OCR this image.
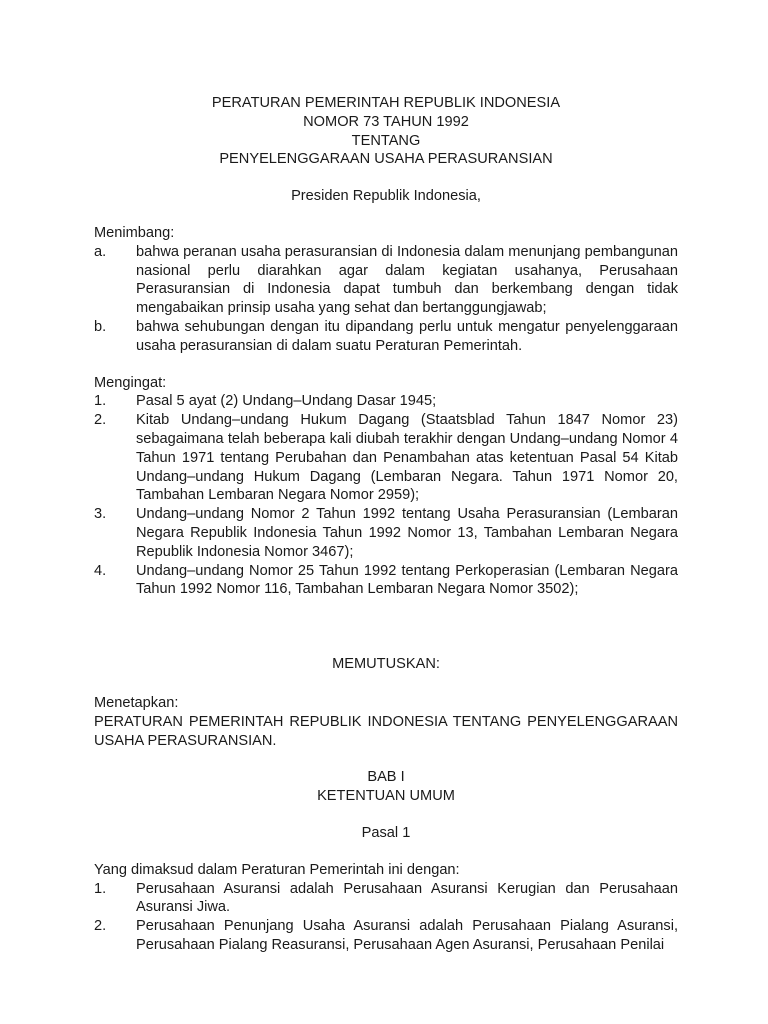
PERATURAN PEMERINTAH REPUBLIK INDONESIA
NOMOR 73 TAHUN 1992
TENTANG
PENYELENGGARAAN USAHA PERASURANSIAN
Presiden Republik Indonesia,
Menimbang:
a.	bahwa peranan usaha perasuransian di Indonesia dalam menunjang pembangunan nasional perlu diarahkan agar dalam kegiatan usahanya, Perusahaan Perasuransian di Indonesia dapat tumbuh dan berkembang dengan tidak mengabaikan prinsip usaha yang sehat dan bertanggungjawab;
b.	bahwa sehubungan dengan itu dipandang perlu untuk mengatur penyelenggaraan usaha perasuransian di dalam suatu Peraturan Pemerintah.
Mengingat:
1.	Pasal 5 ayat (2) Undang–Undang Dasar 1945;
2.	Kitab Undang–undang Hukum Dagang (Staatsblad Tahun 1847 Nomor 23) sebagaimana telah beberapa kali diubah terakhir dengan Undang–undang Nomor 4 Tahun 1971 tentang Perubahan dan Penambahan atas ketentuan Pasal 54 Kitab Undang–undang Hukum Dagang (Lembaran Negara. Tahun 1971 Nomor 20, Tambahan Lembaran Negara Nomor 2959);
3.	Undang–undang Nomor 2 Tahun 1992 tentang Usaha Perasuransian (Lembaran Negara Republik Indonesia Tahun 1992 Nomor 13, Tambahan Lembaran Negara Republik Indonesia Nomor 3467);
4.	Undang–undang Nomor 25 Tahun 1992 tentang Perkoperasian (Lembaran Negara Tahun 1992 Nomor 116, Tambahan Lembaran Negara Nomor 3502);
MEMUTUSKAN:
Menetapkan:
PERATURAN PEMERINTAH REPUBLIK INDONESIA TENTANG PENYELENGGARAAN USAHA PERASURANSIAN.
BAB I
KETENTUAN UMUM
Pasal 1
Yang dimaksud dalam Peraturan Pemerintah ini dengan:
1.	Perusahaan Asuransi adalah Perusahaan Asuransi Kerugian dan Perusahaan Asuransi Jiwa.
2.	Perusahaan Penunjang Usaha Asuransi adalah Perusahaan Pialang Asuransi, Perusahaan Pialang Reasuransi, Perusahaan Agen Asuransi, Perusahaan Penilai
